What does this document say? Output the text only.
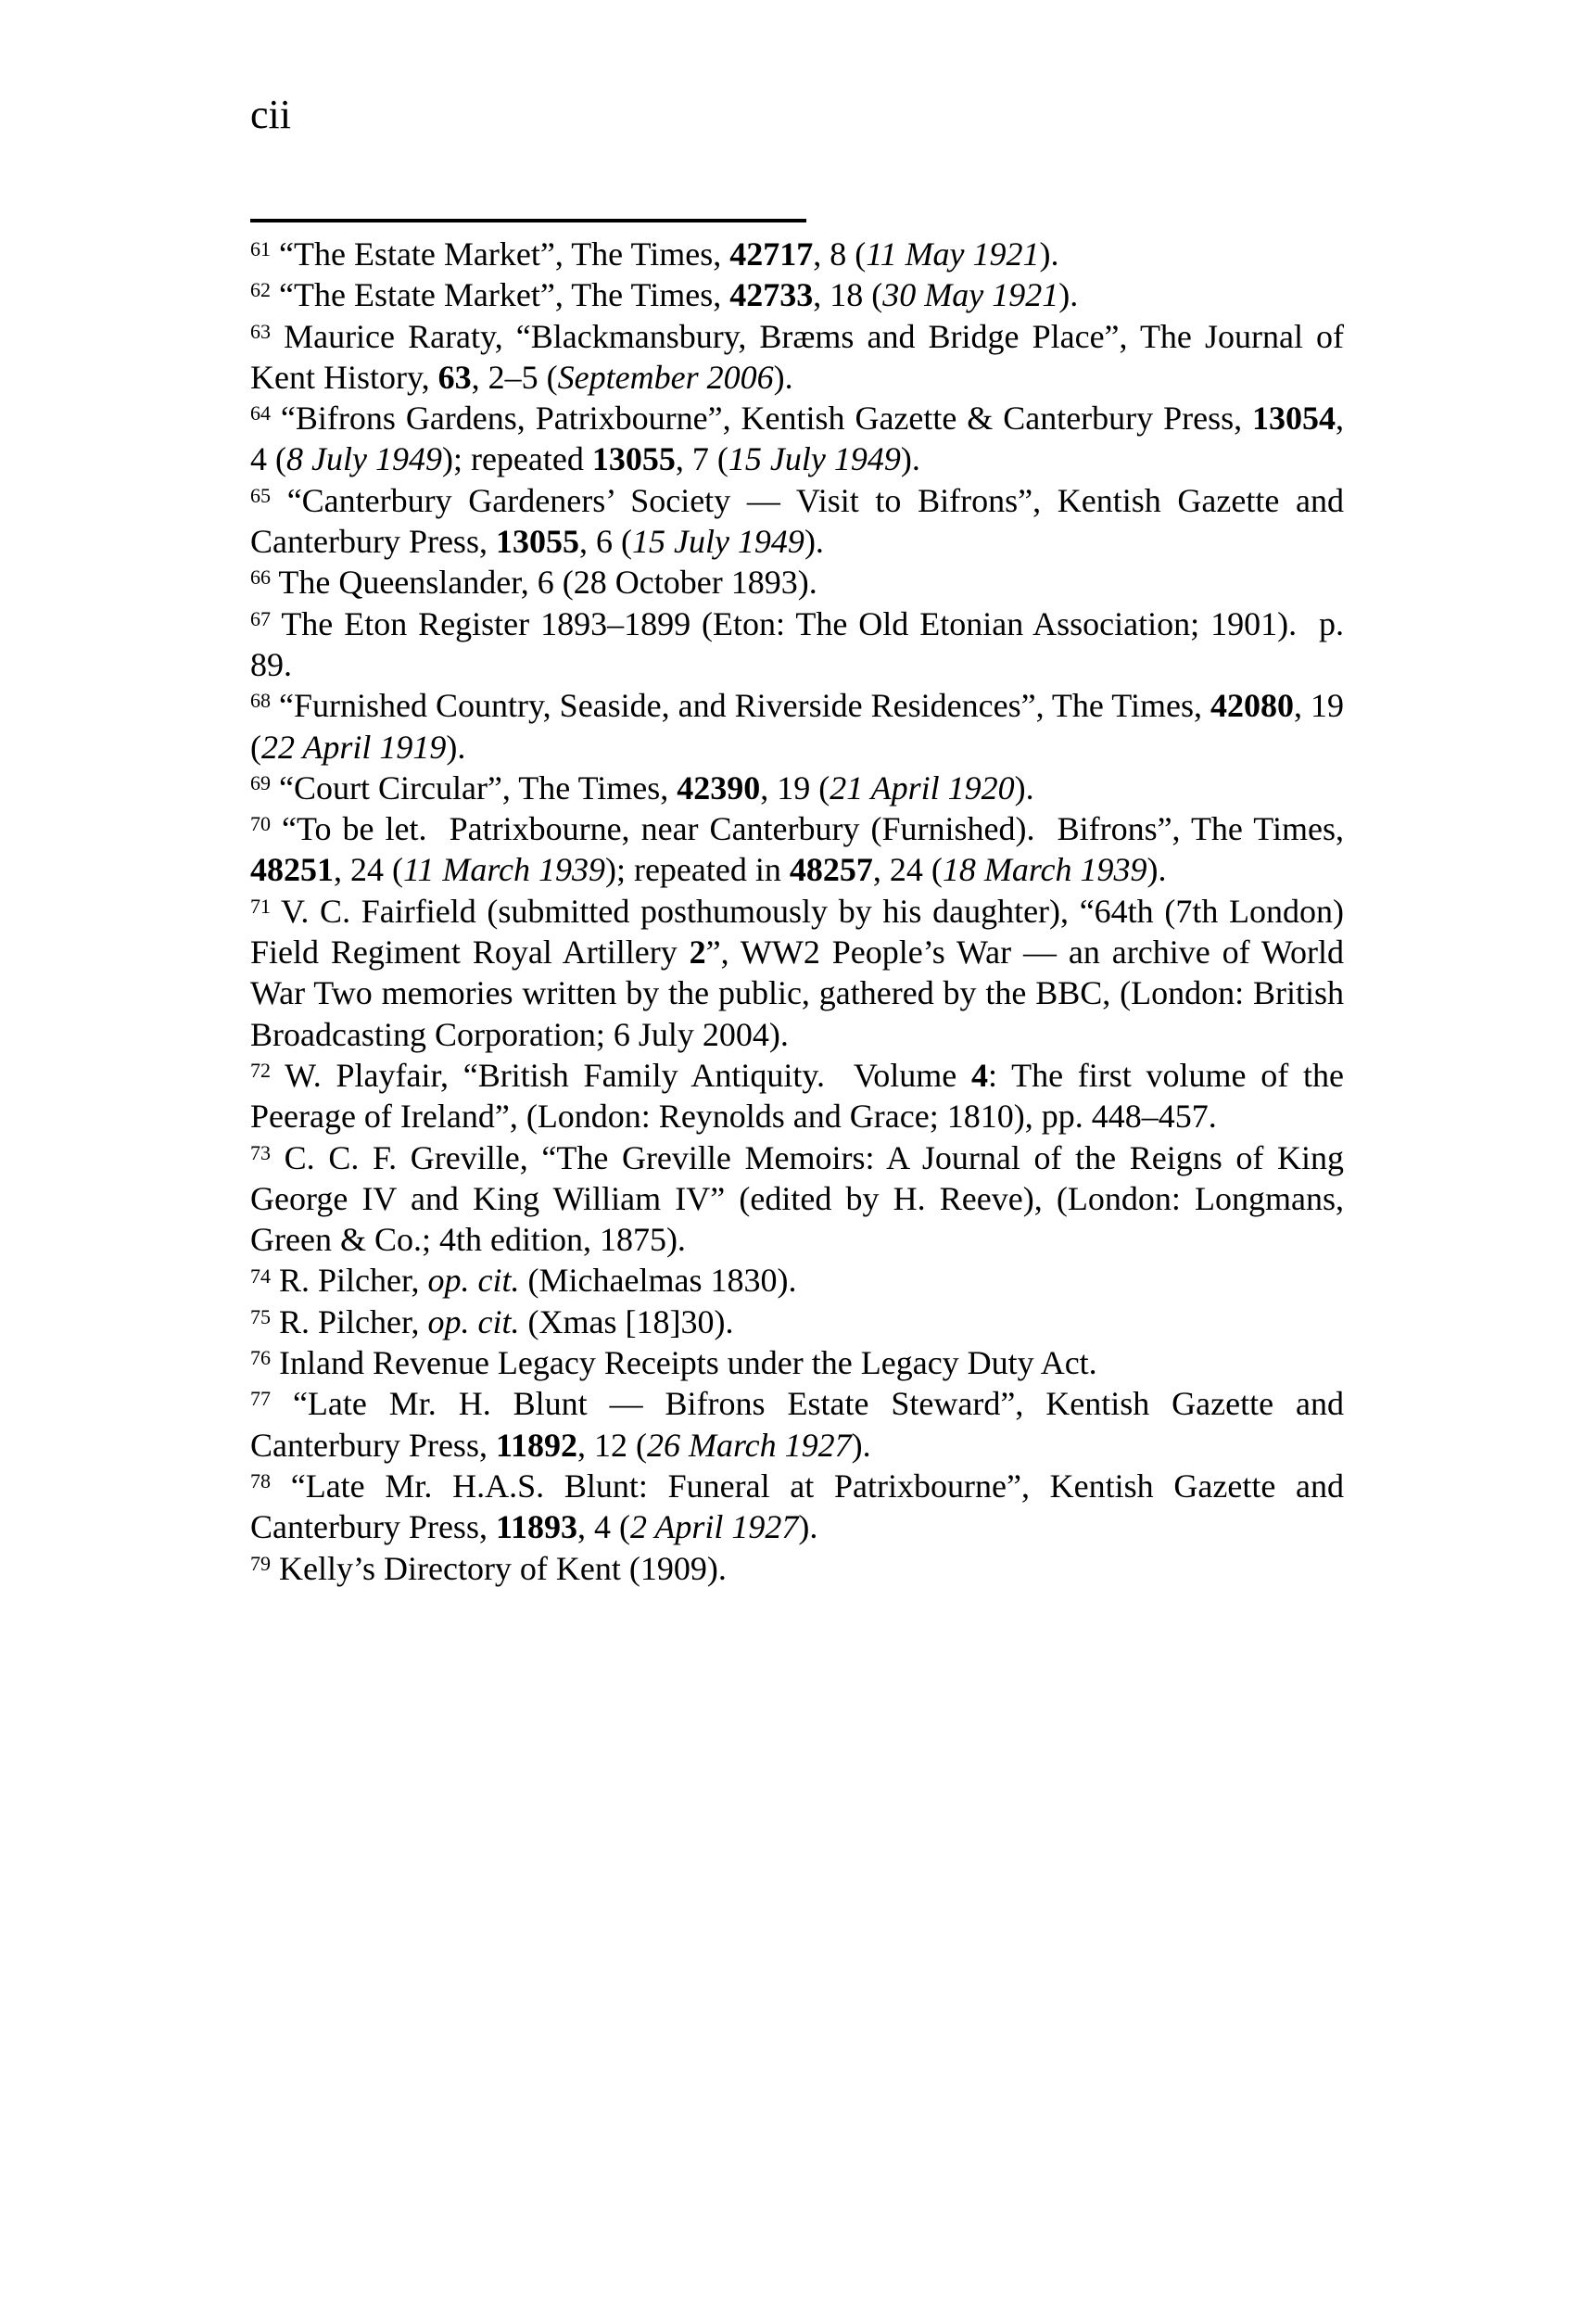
cii

$^{61}$ “The Estate Market”, The Times, 42717, 8 (11 May 1921).

$^{62}$ “The Estate Market”, The Times, 42733, 18 (30 May 1921).

$^{63}$ Maurice Raraty, “Blackmansbury, Bræms and Bridge Place”, The Journal of Kent History, 63, 2–5 (September 2006).

$^{64}$ “Bifrons Gardens, Patrixbourne”, Kentish Gazette & Canterbury Press, 13054, 4 (8 July 1949); repeated 13055, 7 (15 July 1949).

$^{65}$ “Canterbury Gardeners’ Society — Visit to Bifrons”, Kentish Gazette and Canterbury Press, 13055, 6 (15 July 1949).

$^{66}$ The Queenslander, 6 (28 October 1893).

$^{67}$ The Eton Register 1893–1899 (Eton: The Old Etonian Association; 1901).  p. 89.

$^{68}$ “Furnished Country, Seaside, and Riverside Residences”, The Times, 42080, 19 (22 April 1919).

$^{69}$ “Court Circular”, The Times, 42390, 19 (21 April 1920).

$^{70}$ “To be let.  Patrixbourne, near Canterbury (Furnished).  Bifrons”, The Times, 48251, 24 (11 March 1939); repeated in 48257, 24 (18 March 1939).

$^{71}$ V. C. Fairfield (submitted posthumously by his daughter), “64th (7th London) Field Regiment Royal Artillery 2”, WW2 People’s War — an archive of World War Two memories written by the public, gathered by the BBC, (London: British Broadcasting Corporation; 6 July 2004).

$^{72}$ W. Playfair, “British Family Antiquity.  Volume 4: The first volume of the Peerage of Ireland”, (London: Reynolds and Grace; 1810), pp. 448–457.

$^{73}$ C. C. F. Greville, “The Greville Memoirs: A Journal of the Reigns of King George IV and King William IV” (edited by H. Reeve), (London: Longmans, Green & Co.; 4th edition, 1875).

$^{74}$ R. Pilcher, op. cit. (Michaelmas 1830).

$^{75}$ R. Pilcher, op. cit. (Xmas [18]30).

$^{76}$ Inland Revenue Legacy Receipts under the Legacy Duty Act.

$^{77}$ “Late Mr. H. Blunt — Bifrons Estate Steward”, Kentish Gazette and Canterbury Press, 11892, 12 (26 March 1927).

$^{78}$ “Late Mr. H.A.S. Blunt: Funeral at Patrixbourne”, Kentish Gazette and Canterbury Press, 11893, 4 (2 April 1927).

$^{79}$ Kelly’s Directory of Kent (1909).
